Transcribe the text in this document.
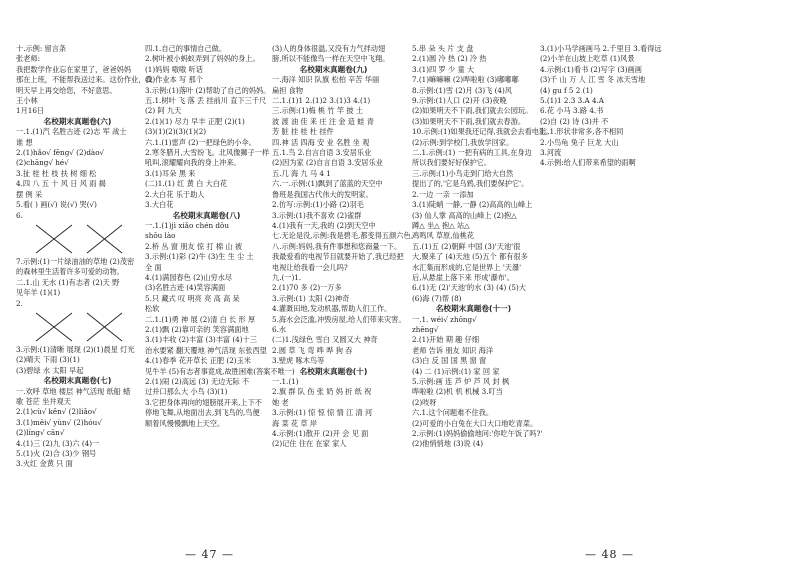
十.示例: 留言条
张老师:
我把数学作业忘在家里了，爸爸妈妈
那在上班，不能帮我送过来。这份作业，我
明天早上再交给您，不好意思。
王小林
1月16日
名校期末真题卷(六)
一.1.(1)汽 名胜古迹 (2)志 军 战士
谁 想
2.(1)hǎo√ fēng√ (2)dào√
(2)chāng√ hé√
3.扯 桂 杜 枝 扶 树 细 松
4.四 八 五 十 风 日 风 雨 揭
摆 例 采
5.看( ) 画(√) 说(√) 哭(√)
6.
7.示例:(1)一片绿油油的草地 (2)茂密
的森林里生活着许多可爱的动物。
二.1.山 无水 (1)有志者 (2)天 野
见年羊 (1)(1)
2.
3.示例:(1)清晰 展现 (2)(1)晨星 灯光
(2)晴天 下雨 (3)(1)
(3)碧绿 水 太阳 早起
名校期末真题卷(七)
一.欢呼 草地 楼层 神气活现 纸船 蜡
歌 苍茫 坐井观天
2.(1)cù√ kěn√ (2)liǎo√
3.(1)měi√ yùn√ (2)hóu√
(2)líng√ cān√
4.(1)三 (2)九 (3)六 (4)一
5.(1)火 (2)合 (3)少 钢号
3.火红 金黄 只 面
四.1.自己的事情自己做。
2.树叶被小蚂蚁弄到了妈妈的身上。
(1)妈妈 嗷嗷 听话
(2)作业本 写 那个
3.示例:(1)落叶 (2)帮助了自己的妈妈。
五.1.树叶 飞 落 丢 挂前川 直下三千尺
(2) 阿 九天
2.(1)(1) 尽力 早丰 正肥 (2)(1)
(3)(1)(2)(3)(1)(2)
六.1.(1)雷声 (2)一把绿色的小伞。
2.寒冬腊月,大雪纷飞。北风像狮子一样
吼叫,滚耀耀向我的身上冲来。
3.(1)耳朵 黑 来
(二)1.(1) 红 黄 白 大白花
2.大白花 乐于助人
3.大白花
名校期末真题卷(八)
一.1.(1)jì xiǎo chén dǒu
shǒu lào
2.桥 丛 窗 朋友 惊 打 棉 山 被
3.示例:(1)彩 (2)牛 (3)生 生 尘 土
全 面
4.(1)满园春色 (2)山穷水尽
(3)名胜古迹 (4)笑容满面
5.只 藏式 叹 明亮 亮 高 高 呆
松软
二.1.(1)勇 神 展 (2)清 白 长 形 厚
2.(1)飘 (2)靠可亲的 笑容满面地
3.(1)丰收 (2)丰富 (3)丰富 (4)十三
治水要紧 翻天覆地 神气活现 东张西望
4.(1)春季 花开草长 正肥 (2)玉米
见牛羊 (5)有志者事竟成,故胜困难(答案不唯一)
2.(1)闹 (2)高远 (3) 无边无际 不
过并口那么大 小鸟 (3)(1)
3.它把身体再向的翅膀展开来,上下不
停地飞舞,从地面出去,到飞鸟的,鸟便
顺着风慢慢飘地上天空。
(3)人的身体很温,又没有力气拌动翅
膀,所以不能像鸟一样在天空中飞翔。
名校期末真题卷(九)
一.海洋 知识 队旗 松柏 辛苦 华丽
扁担 食物
二.1.(1)1 2.(1)2 3.(1)3 4.(1)
三.示例:(1)梅 桃 竹 竿 披 土
波 渡 油 佳 来 庄 注 金 造 蛙 青
芳 脏 挂 桂 杜 挂件
四.神 活 四海 安 业 名胜 坐 观
五.1.鸟 2.自言自语 3.安居乐业
(2)因为家 (2)自言自语 3.安居乐业
五.几 海 九 马 4 1
六.一.示例:(1)飘到了蓝蓝的天空中
鲁班是我国古代伟大的发明家。
2.仿写:示例:(1)小路 (2)羽毛
3.示例:(1)我不喜欢 (2)雀群
4.(1)我有一天,我的 (2)到天空中
七.无论是没,示例:我是碧毛,都变得五颜六色。
八.示例:妈妈,我有件事想和您商量一下。
我最爱看的电视节目就要开始了,我已经把
电视让给我看一会儿吗?
九.(一)1.
2.(1)70 多 (2)一万多
3.示例:(1) 太阳 (2)神奇
4.灌溉田地,发动机器,帮助人们工作。
5.海水会泛滥,冲毁房屋,给人们带来灾害。
6.水
(二)1.浅绿色 雪白 又圆又大 神奇
2.圆 草 飞 弯 哗 哗 狗 吞
3.壁虎 啄木鸟等
名校期末真题卷(十)
一.1.(1)
2.旗 群 队 伤 张 奶 妈 折 纸 祝
她 老
3.示例:(1) 惊 惊 惊 情 江 清 河
海 菜 花 草 岸
4.示例:(1)散开 (2)开 会 见 面
(2)记住 住在 在家 家人
— 47 —
5.串 朵 头 片 支 盘
2.(1)圆 冷 热 (2) 冷 热
3.(1)四 罗 少 童 大
7.(1)嘛嘛嘛 (2)哗啦啦 (3)嘟嘟嘟
8.示例:(1)雪 (2)月 (3)飞 (4)风
9.示例:(1)人口 (2)开 (3)夜晚
(2)如果明天不下雨,我们就去公园玩。
(3)如果明天不下雨,我们就去春游。
10.示例:(1)如果我还记得,我就会去看电影。
(2)示例:到学校门,我放学回家。
二.1.示例:(1) 一把有病的工具,在身边
所以我们要好好保护它。
三.示例:(1)小鸟走到门给大自然
提出了的,'它是乌鸦,我们要保护它'。
2.一边 一亲 一添加
3.(1)陡峭 一静,一静 (2)高高的山峰上
(3) 仙人掌 高高的山峰上 (2)抱△
蹲△ 坐△ 抱△ 站△
鸡鸣风 草原,仙桃花
五.(1)五 (2)朝鲜 中国 (3)'天池'很
大,聚来了 (4)天池 (5)五个 都有很多
水汇集而形成的,它是世界上 '天瀑'
后,从悬崖上落下来 形成'瀑布'。
6.(1)无 (2)'天池'的水 (3) (4) (5)大
(6)海 (7)帮 (8)
名校期末真题卷(十一)
一.1. wéi√ zhōng√
zhēng√
2.(1)开始 期 趣 仔细
老师 告诉 朋友 知识 海洋
(3)白 反 国 国 黑 窗 窗
(4) 二 (1)示例:(1) 家 回 家
5.示例:画 连 芦 炉 芦 风 封 枫
哗啦啦 (2)机 机 机械 3.叮当
(2)吱呀
六.1.这个问题难不住我。
(2)可爱的小白兔在大口大口地吃青菜。
2.示例:(1)妈妈偷偷地问:'你吃午饭了吗?'
(2)他悄悄地 (3)说 (4)
3.(1)小马学画画马 2.千里目 3.看得远
(2)小羊在山坡上吃草 (1)风景
4.示例:(1)看书 (2)写字 (3)画画
(3)千 山 万 人 江 雪 冬 冰天雪地
(4) gu f 5 2 (1)
5.(1)1 2.3 3.A 4.A
6.花 小马 3.路 4.书
(2)自 (2) 诗 (3)并 不
七.1.形状非常多,各不相同
2.小鸟龟 兔子 巨龙 大山
3.河流
4.示例:给人们带来希望的雨啊
— 48 —
